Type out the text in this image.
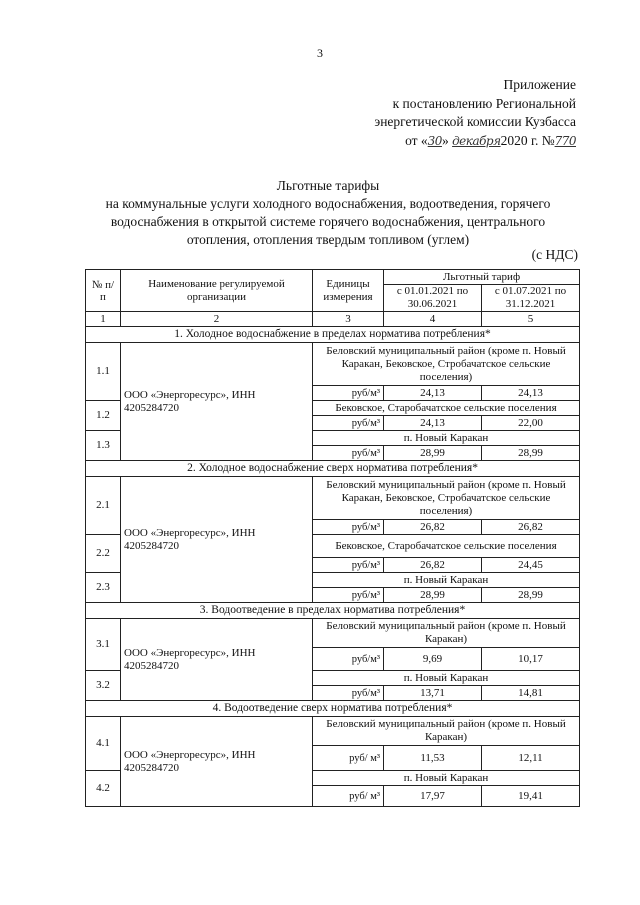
3
Приложение
к постановлению Региональной
энергетической комиссии Кузбасса
от «30» декабря2020 г. №770
Льготные тарифы
на коммунальные услуги холодного водоснабжения, водоотведения, горячего
водоснабжения в открытой системе горячего водоснабжения, центрального
отопления, отопления твердым топливом (углем)
(с НДС)
№ п/п	Наименование регулируемой организации	Единицы измерения	Льготный тариф	
			с 01.01.2021 по 30.06.2021	с 01.07.2021 по 31.12.2021
1	2	3	4	5
1. Холодное водоснабжение в пределах норматива потребления*				
1.1	ООО «Энергоресурс», ИНН 4205284720	Беловский муниципальный район (кроме п. Новый Каракан, Бековское, Стробачатское сельские поселения)		
		руб/м³	24,13	24,13
1.2		Бековское, Старобачатское сельские поселения		
		руб/м³	24,13	22,00
1.3		п. Новый Каракан		
		руб/м³	28,99	28,99
2. Холодное водоснабжение сверх норматива потребления*				
2.1	ООО «Энергоресурс», ИНН 4205284720	Беловский муниципальный район (кроме п. Новый Каракан, Бековское, Стробачатское сельские поселения)		
		руб/м³	26,82	26,82
2.2		Бековское, Старобачатское сельские поселения		
		руб/м³	26,82	24,45
2.3		п. Новый Каракан		
		руб/м³	28,99	28,99
3. Водоотведение в пределах норматива потребления*				
3.1	ООО «Энергоресурс», ИНН 4205284720	Беловский муниципальный район (кроме п. Новый Каракан)		
		руб/м³	9,69	10,17
3.2		п. Новый Каракан		
		руб/м³	13,71	14,81
4. Водоотведение сверх норматива потребления*				
4.1	ООО «Энергоресурс», ИНН 4205284720	Беловский муниципальный район (кроме п. Новый Каракан)		
		руб/ м³	11,53	12,11
4.2		п. Новый Каракан		
		руб/ м³	17,97	19,41
